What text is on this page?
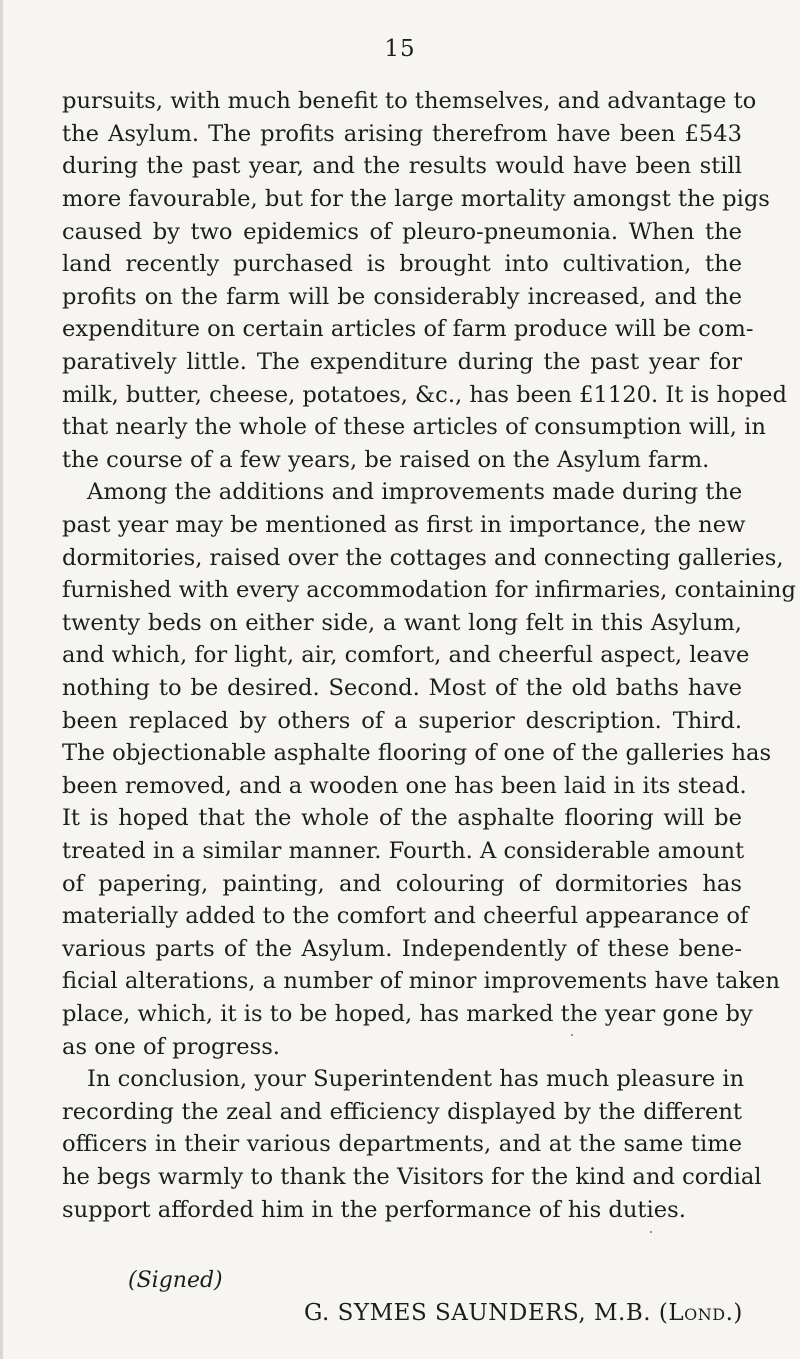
15
pursuits, with much benefit to themselves, and advantage to
the Asylum. The profits arising therefrom have been £543
during the past year, and the results would have been still
more favourable, but for the large mortality amongst the pigs
caused by two epidemics of pleuro-pneumonia. When the
land recently purchased is brought into cultivation, the
profits on the farm will be considerably increased, and the
expenditure on certain articles of farm produce will be com-
paratively little. The expenditure during the past year for
milk, butter, cheese, potatoes, &c., has been £1120. It is hoped
that nearly the whole of these articles of consumption will, in
the course of a few years, be raised on the Asylum farm.
Among the additions and improvements made during the
past year may be mentioned as first in importance, the new
dormitories, raised over the cottages and connecting galleries,
furnished with every accommodation for infirmaries, containing
twenty beds on either side, a want long felt in this Asylum,
and which, for light, air, comfort, and cheerful aspect, leave
nothing to be desired. Second. Most of the old baths have
been replaced by others of a superior description. Third.
The objectionable asphalte flooring of one of the galleries has
been removed, and a wooden one has been laid in its stead.
It is hoped that the whole of the asphalte flooring will be
treated in a similar manner. Fourth. A considerable amount
of papering, painting, and colouring of dormitories has
materially added to the comfort and cheerful appearance of
various parts of the Asylum. Independently of these bene-
ficial alterations, a number of minor improvements have taken
place, which, it is to be hoped, has marked the year gone by
as one of progress.
In conclusion, your Superintendent has much pleasure in
recording the zeal and efficiency displayed by the different
officers in their various departments, and at the same time
he begs warmly to thank the Visitors for the kind and cordial
support afforded him in the performance of his duties.
(Signed)
G. SYMES SAUNDERS, M.B. (Lond.)
